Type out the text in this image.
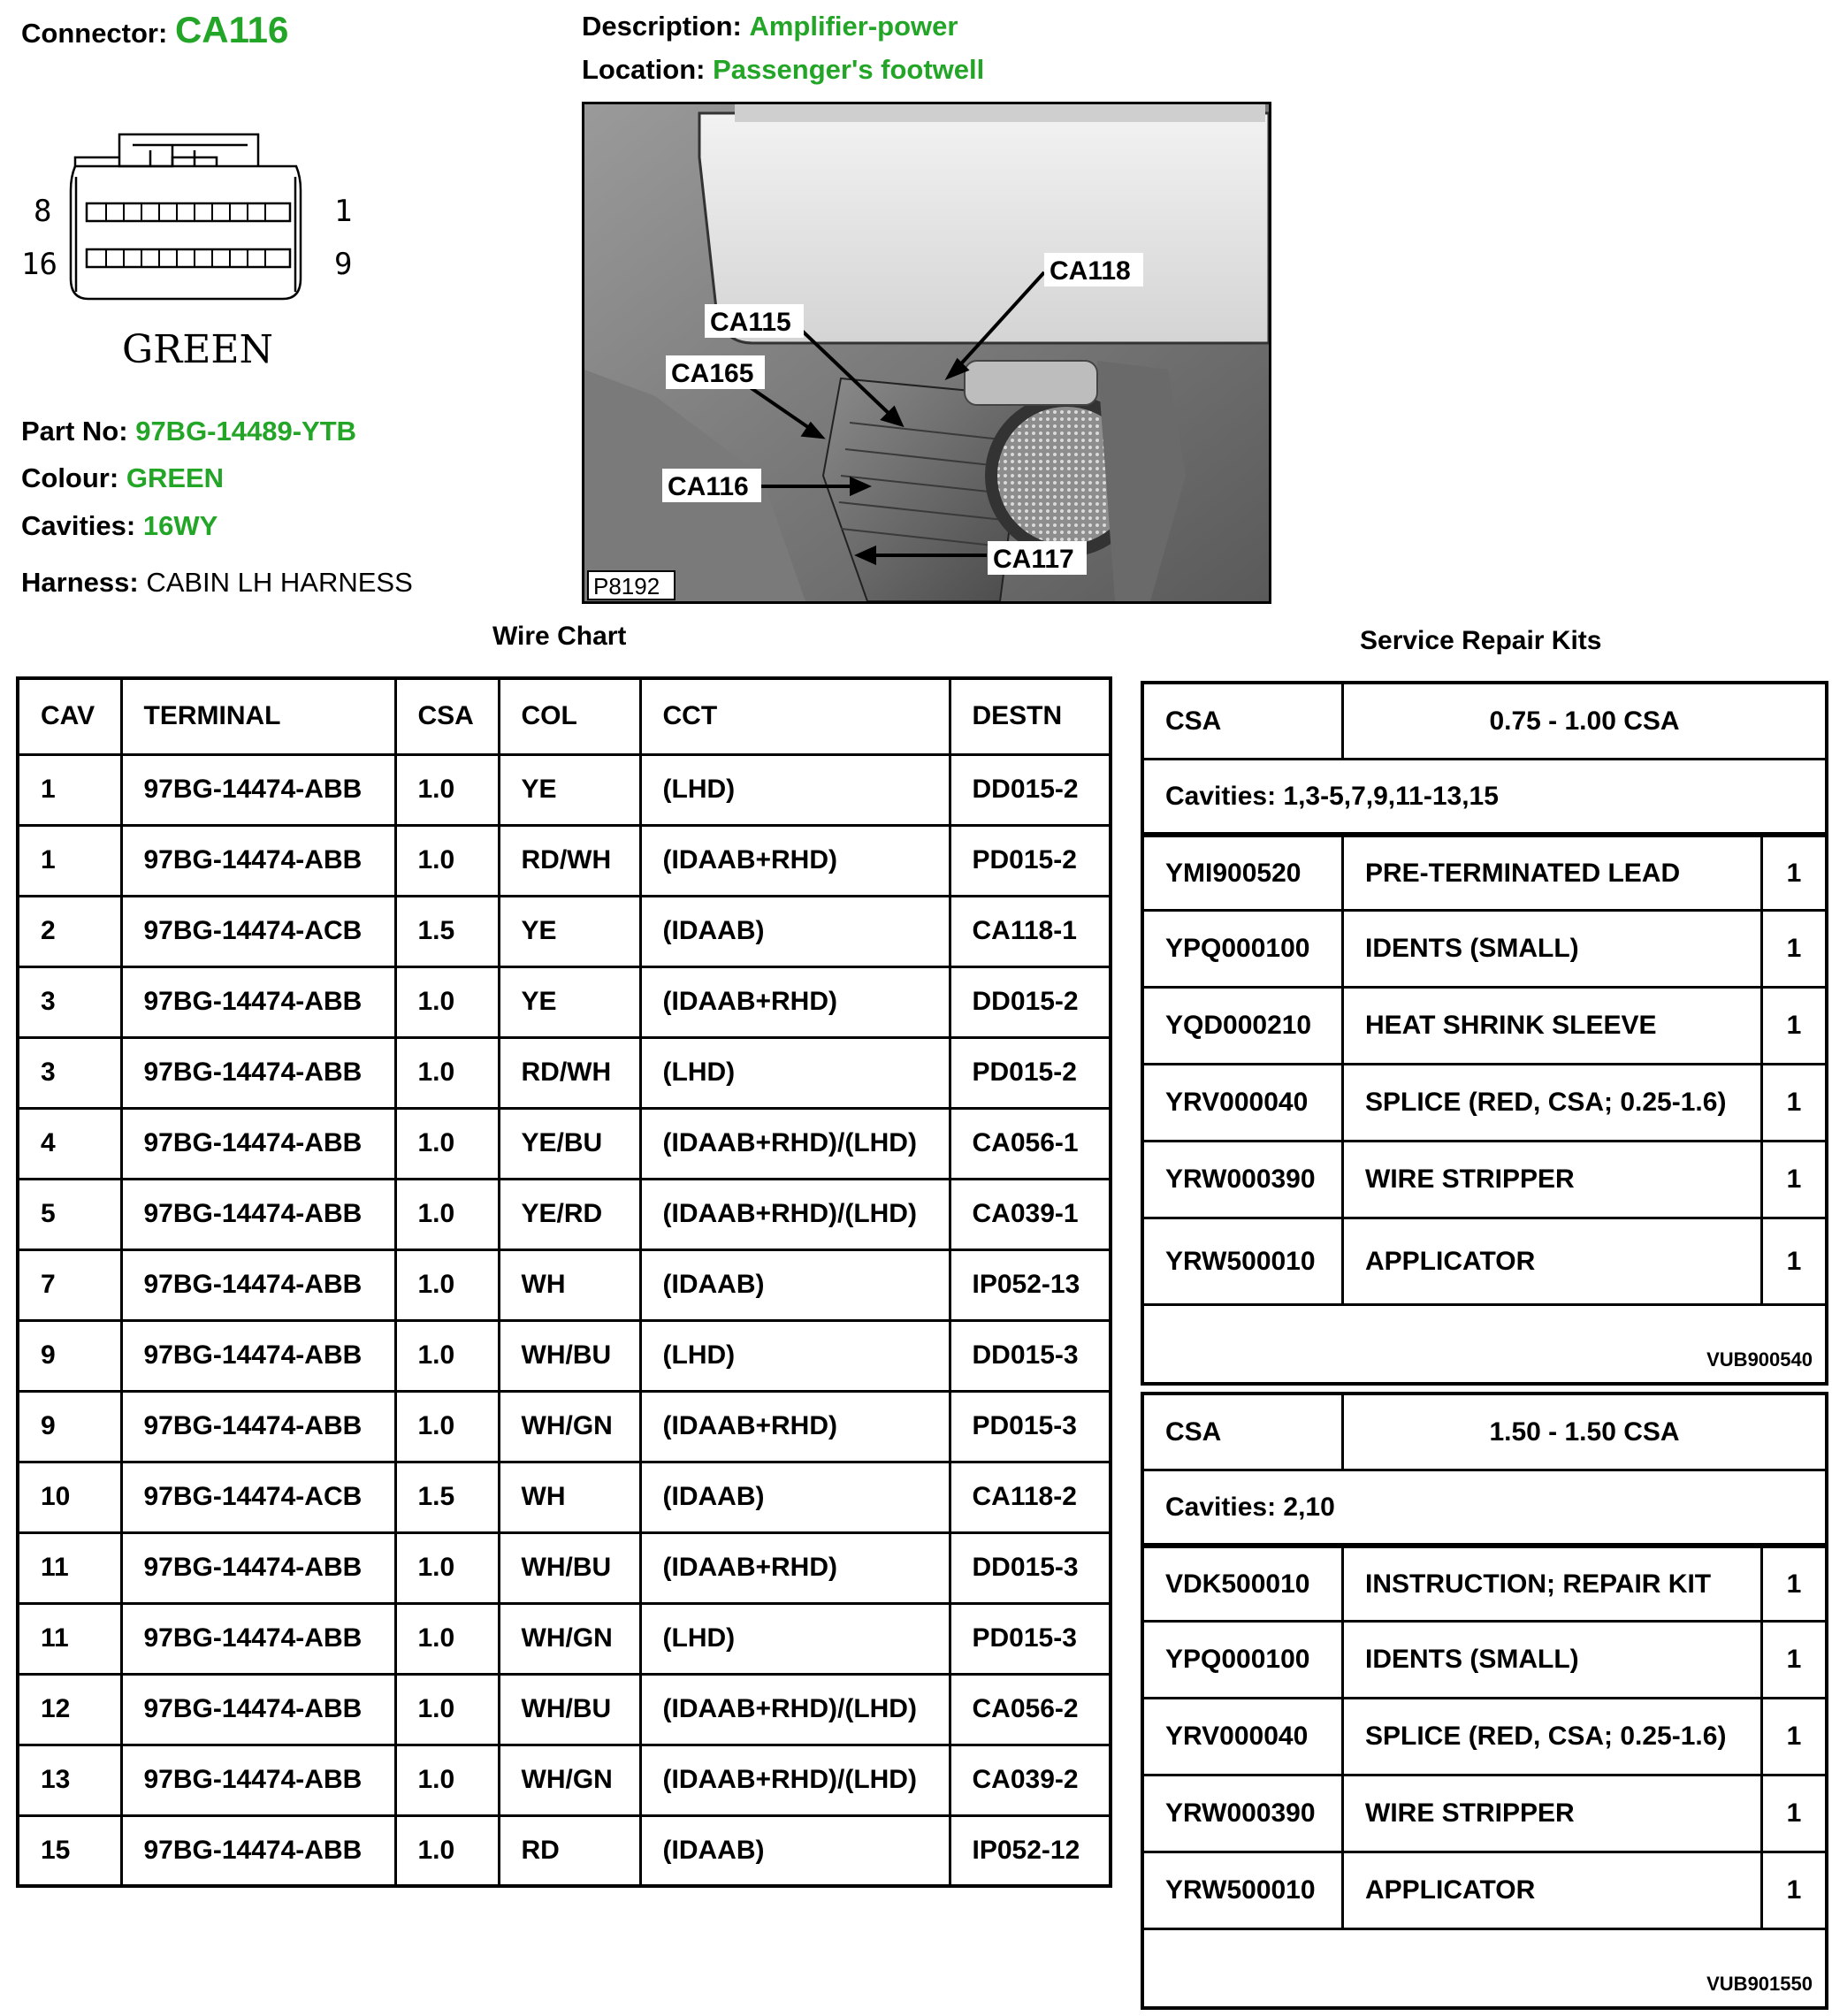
Connector: CA116	Description: Amplifier-power
Location: Passenger's footwell
8	1
16	9
GREEN
Part No: 97BG-14489-YTB
Colour: GREEN
Cavities: 16WY
Harness: CABIN LH HARNESS
CA118
CA115
CA165
CA116
CA117
P8192
Wire Chart	Service Repair Kits
CAV	TERMINAL	CSA	COL	CCT	DESTN
1	97BG-14474-ABB	1.0	YE	(LHD)	DD015-2
1	97BG-14474-ABB	1.0	RD/WH	(IDAAB+RHD)	PD015-2
2	97BG-14474-ACB	1.5	YE	(IDAAB)	CA118-1
3	97BG-14474-ABB	1.0	YE	(IDAAB+RHD)	DD015-2
3	97BG-14474-ABB	1.0	RD/WH	(LHD)	PD015-2
4	97BG-14474-ABB	1.0	YE/BU	(IDAAB+RHD)/(LHD)	CA056-1
5	97BG-14474-ABB	1.0	YE/RD	(IDAAB+RHD)/(LHD)	CA039-1
7	97BG-14474-ABB	1.0	WH	(IDAAB)	IP052-13
9	97BG-14474-ABB	1.0	WH/BU	(LHD)	DD015-3
9	97BG-14474-ABB	1.0	WH/GN	(IDAAB+RHD)	PD015-3
10	97BG-14474-ACB	1.5	WH	(IDAAB)	CA118-2
11	97BG-14474-ABB	1.0	WH/BU	(IDAAB+RHD)	DD015-3
11	97BG-14474-ABB	1.0	WH/GN	(LHD)	PD015-3
12	97BG-14474-ABB	1.0	WH/BU	(IDAAB+RHD)/(LHD)	CA056-2
13	97BG-14474-ABB	1.0	WH/GN	(IDAAB+RHD)/(LHD)	CA039-2
15	97BG-14474-ABB	1.0	RD	(IDAAB)	IP052-12
CSA	0.75 - 1.00 CSA
Cavities: 1,3-5,7,9,11-13,15
YMI900520	PRE-TERMINATED LEAD	1
YPQ000100	IDENTS (SMALL)	1
YQD000210	HEAT SHRINK SLEEVE	1
YRV000040	SPLICE (RED, CSA; 0.25-1.6)	1
YRW000390	WIRE STRIPPER	1
YRW500010	APPLICATOR	1
VUB900540
CSA	1.50 - 1.50 CSA
Cavities: 2,10
VDK500010	INSTRUCTION; REPAIR KIT	1
YPQ000100	IDENTS (SMALL)	1
YRV000040	SPLICE (RED, CSA; 0.25-1.6)	1
YRW000390	WIRE STRIPPER	1
YRW500010	APPLICATOR	1
VUB901550
